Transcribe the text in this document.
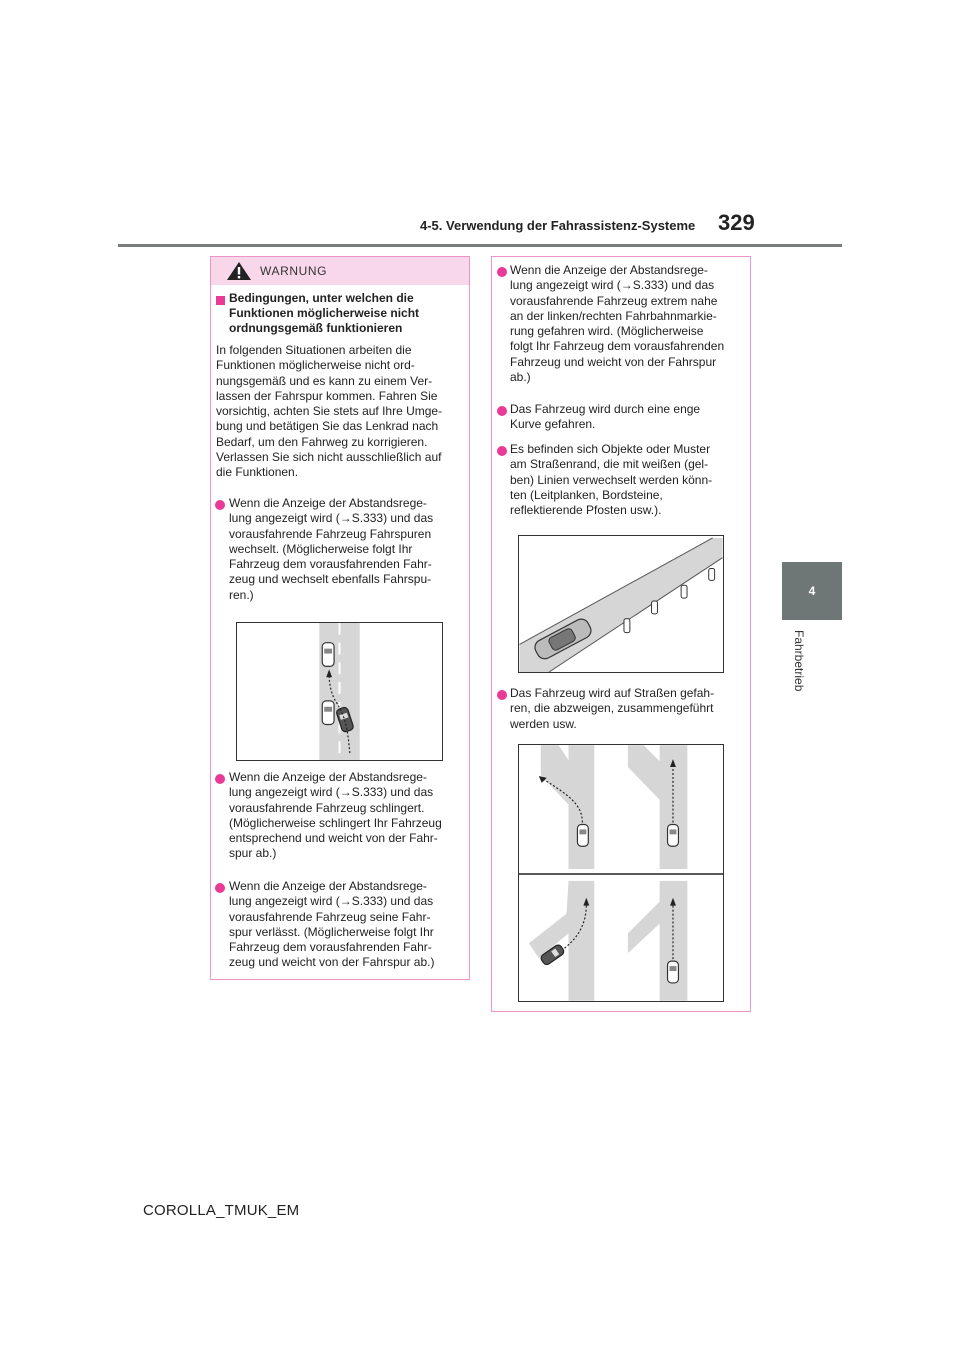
4-5. Verwendung der Fahrassistenz-Systeme 329
4
Fahrbetrieb
WARNUNG
Bedingungen, unter welchen die
Funktionen möglicherweise nicht
ordnungsgemäß funktionieren
In folgenden Situationen arbeiten die
Funktionen möglicherweise nicht ord-
nungsgemäß und es kann zu einem Ver-
lassen der Fahrspur kommen. Fahren Sie
vorsichtig, achten Sie stets auf Ihre Umge-
bung und betätigen Sie das Lenkrad nach
Bedarf, um den Fahrweg zu korrigieren.
Verlassen Sie sich nicht ausschließlich auf
die Funktionen.
Wenn die Anzeige der Abstandsrege-
lung angezeigt wird (→S.333) und das
vorausfahrende Fahrzeug Fahrspuren
wechselt. (Möglicherweise folgt Ihr
Fahrzeug dem vorausfahrenden Fahr-
zeug und wechselt ebenfalls Fahrspu-
ren.)
Wenn die Anzeige der Abstandsrege-
lung angezeigt wird (→S.333) und das
vorausfahrende Fahrzeug schlingert.
(Möglicherweise schlingert Ihr Fahrzeug
entsprechend und weicht von der Fahr-
spur ab.)
Wenn die Anzeige der Abstandsrege-
lung angezeigt wird (→S.333) und das
vorausfahrende Fahrzeug seine Fahr-
spur verlässt. (Möglicherweise folgt Ihr
Fahrzeug dem vorausfahrenden Fahr-
zeug und weicht von der Fahrspur ab.)
Wenn die Anzeige der Abstandsrege-
lung angezeigt wird (→S.333) und das
vorausfahrende Fahrzeug extrem nahe
an der linken/rechten Fahrbahnmarkie-
rung gefahren wird. (Möglicherweise
folgt Ihr Fahrzeug dem vorausfahrenden
Fahrzeug und weicht von der Fahrspur
ab.)
Das Fahrzeug wird durch eine enge
Kurve gefahren.
Es befinden sich Objekte oder Muster
am Straßenrand, die mit weißen (gel-
ben) Linien verwechselt werden könn-
ten (Leitplanken, Bordsteine,
reflektierende Pfosten usw.).
Das Fahrzeug wird auf Straßen gefah-
ren, die abzweigen, zusammengeführt
werden usw.
COROLLA_TMUK_EM
